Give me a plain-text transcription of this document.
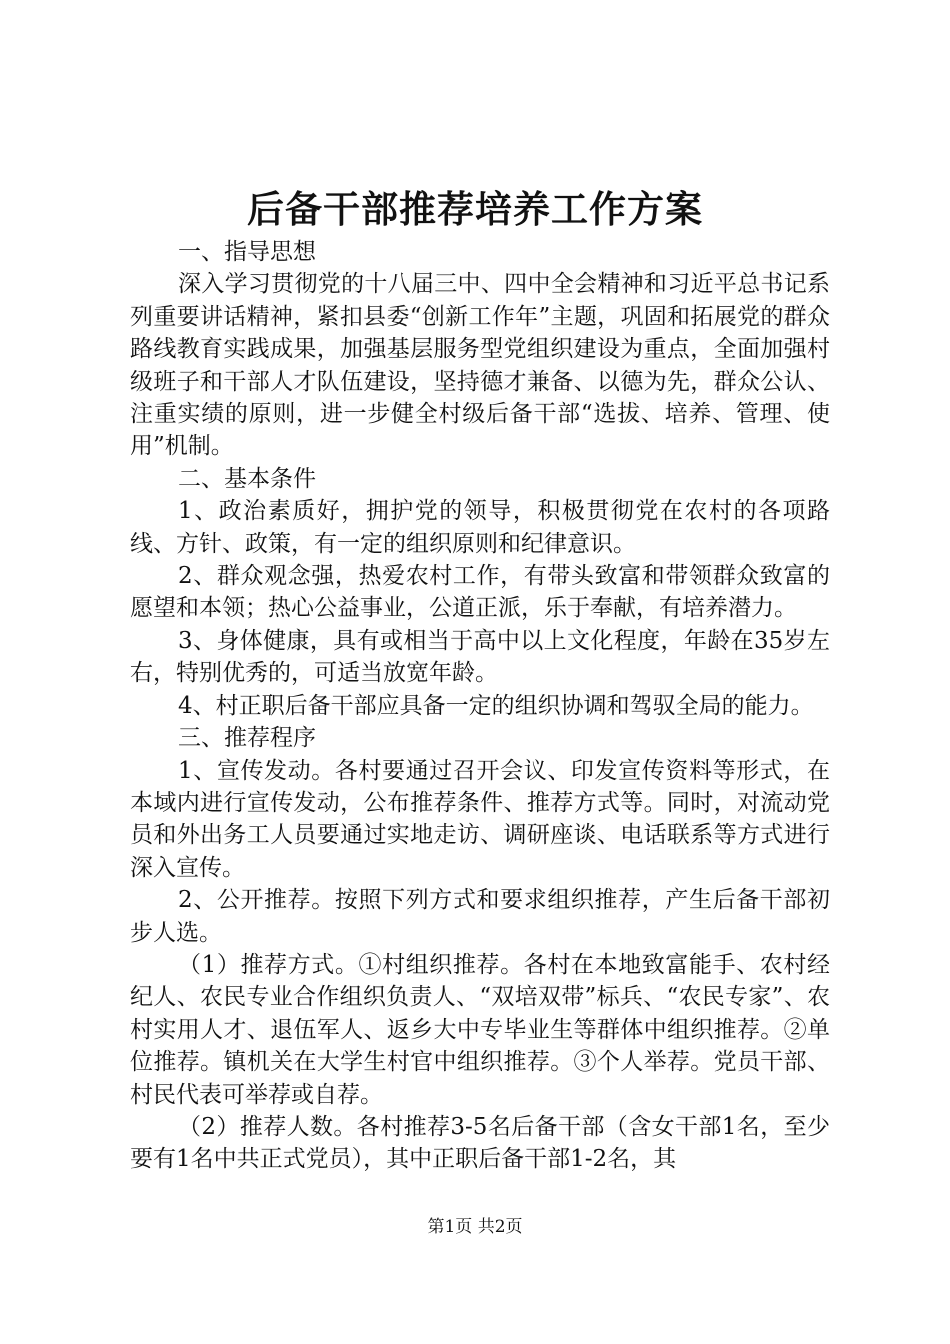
后备干部推荐培养工作方案

一、指导思想

深入学习贯彻党的十八届三中、四中全会精神和习近平总书记系列重要讲话精神，紧扣县委“创新工作年”主题，巩固和拓展党的群众路线教育实践成果，加强基层服务型党组织建设为重点，全面加强村级班子和干部人才队伍建设，坚持德才兼备、以德为先，群众公认、注重实绩的原则，进一步健全村级后备干部“选拔、培养、管理、使用”机制。

二、基本条件

1、政治素质好，拥护党的领导，积极贯彻党在农村的各项路线、方针、政策，有一定的组织原则和纪律意识。

2、群众观念强，热爱农村工作，有带头致富和带领群众致富的愿望和本领；热心公益事业，公道正派，乐于奉献，有培养潜力。

3、身体健康，具有或相当于高中以上文化程度，年龄在35岁左右，特别优秀的，可适当放宽年龄。

4、村正职后备干部应具备一定的组织协调和驾驭全局的能力。

三、推荐程序

1、宣传发动。各村要通过召开会议、印发宣传资料等形式，在本域内进行宣传发动，公布推荐条件、推荐方式等。同时，对流动党员和外出务工人员要通过实地走访、调研座谈、电话联系等方式进行深入宣传。

2、公开推荐。按照下列方式和要求组织推荐，产生后备干部初步人选。

（1）推荐方式。①村组织推荐。各村在本地致富能手、农村经纪人、农民专业合作组织负责人、“双培双带”标兵、“农民专家”、农村实用人才、退伍军人、返乡大中专毕业生等群体中组织推荐。②单位推荐。镇机关在大学生村官中组织推荐。③个人举荐。党员干部、村民代表可举荐或自荐。

（2）推荐人数。各村推荐3-5名后备干部（含女干部1名，至少要有1名中共正式党员），其中正职后备干部1-2名，其

第1页 共2页
